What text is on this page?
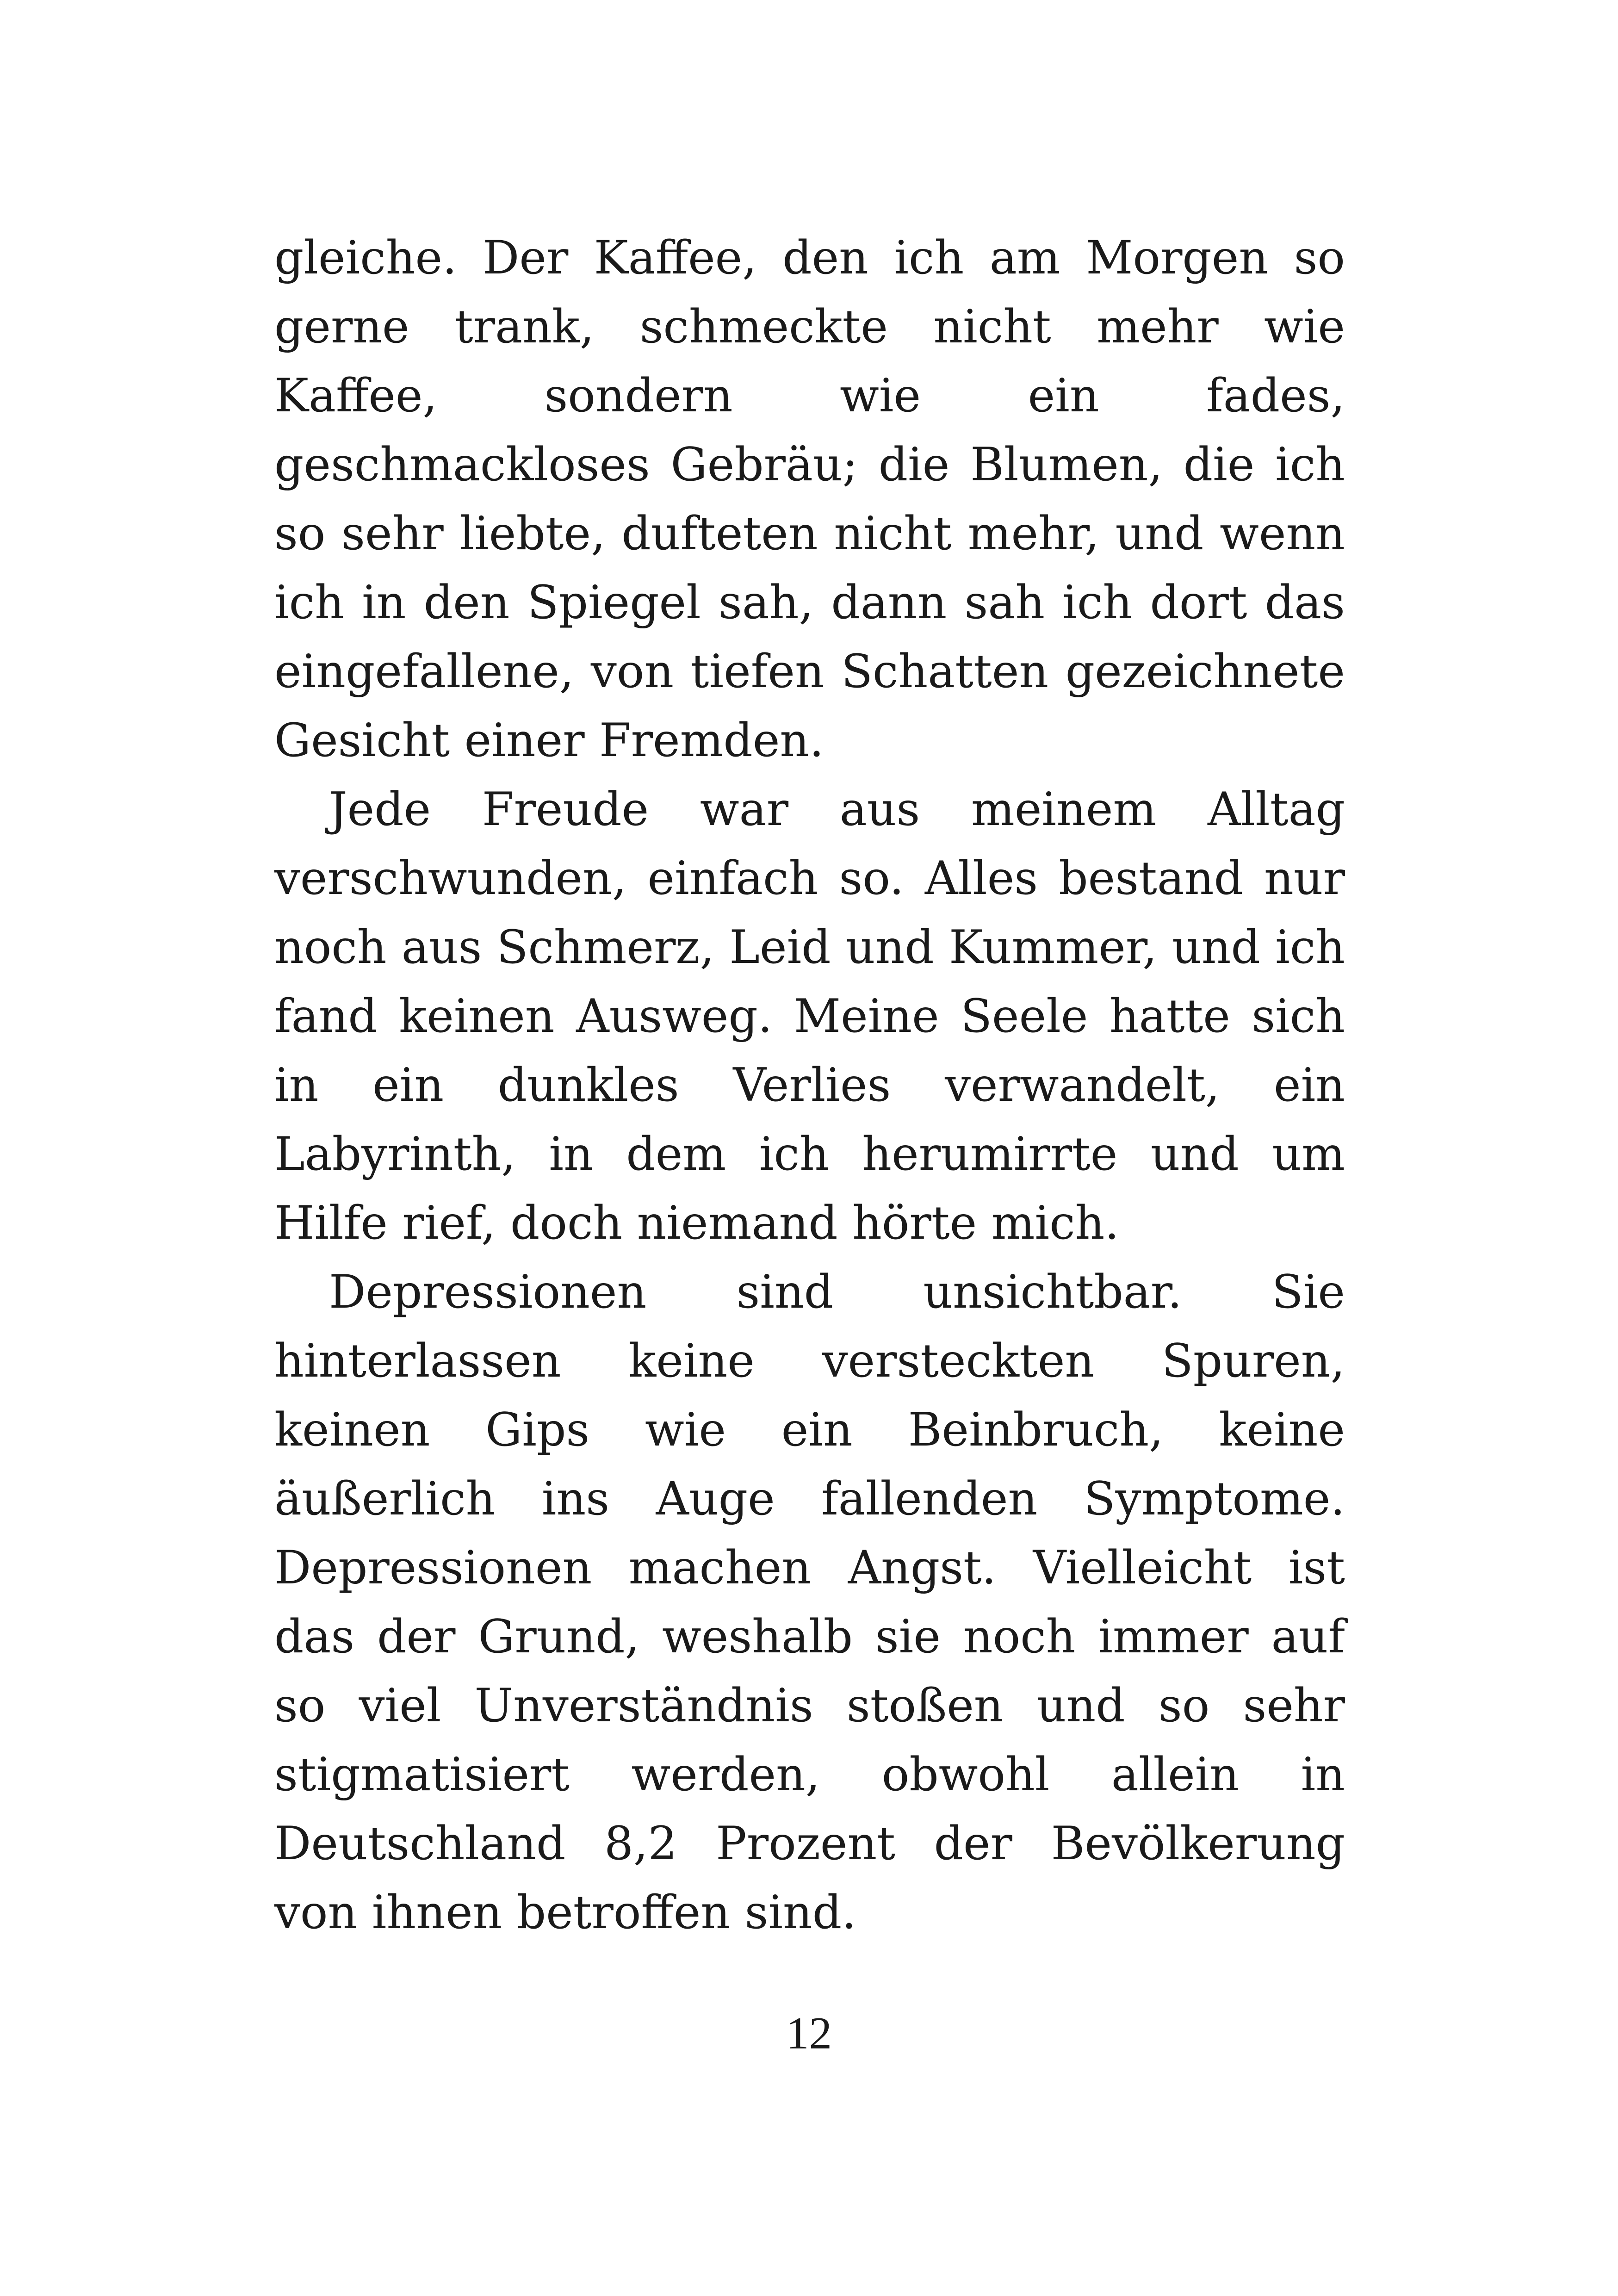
gleiche. Der Kaffee, den ich am Morgen so gerne trank, schmeckte nicht mehr wie Kaffee, sondern wie ein fades, geschmackloses Gebräu; die Blumen, die ich so sehr liebte, dufteten nicht mehr, und wenn ich in den Spiegel sah, dann sah ich dort das eingefallene, von tiefen Schatten gezeichnete Gesicht einer Fremden.

Jede Freude war aus meinem Alltag verschwunden, einfach so. Alles bestand nur noch aus Schmerz, Leid und Kummer, und ich fand keinen Ausweg. Meine Seele hatte sich in ein dunkles Verlies verwandelt, ein Labyrinth, in dem ich herumirrte und um Hilfe rief, doch niemand hörte mich.

Depressionen sind unsichtbar. Sie hinterlassen keine versteckten Spuren, keinen Gips wie ein Beinbruch, keine äußerlich ins Auge fallenden Symptome. Depressionen machen Angst. Vielleicht ist das der Grund, weshalb sie noch immer auf so viel Unverständnis stoßen und so sehr stigmatisiert werden, obwohl allein in Deutschland 8,2 Prozent der Bevölkerung von ihnen betroffen sind.

12
